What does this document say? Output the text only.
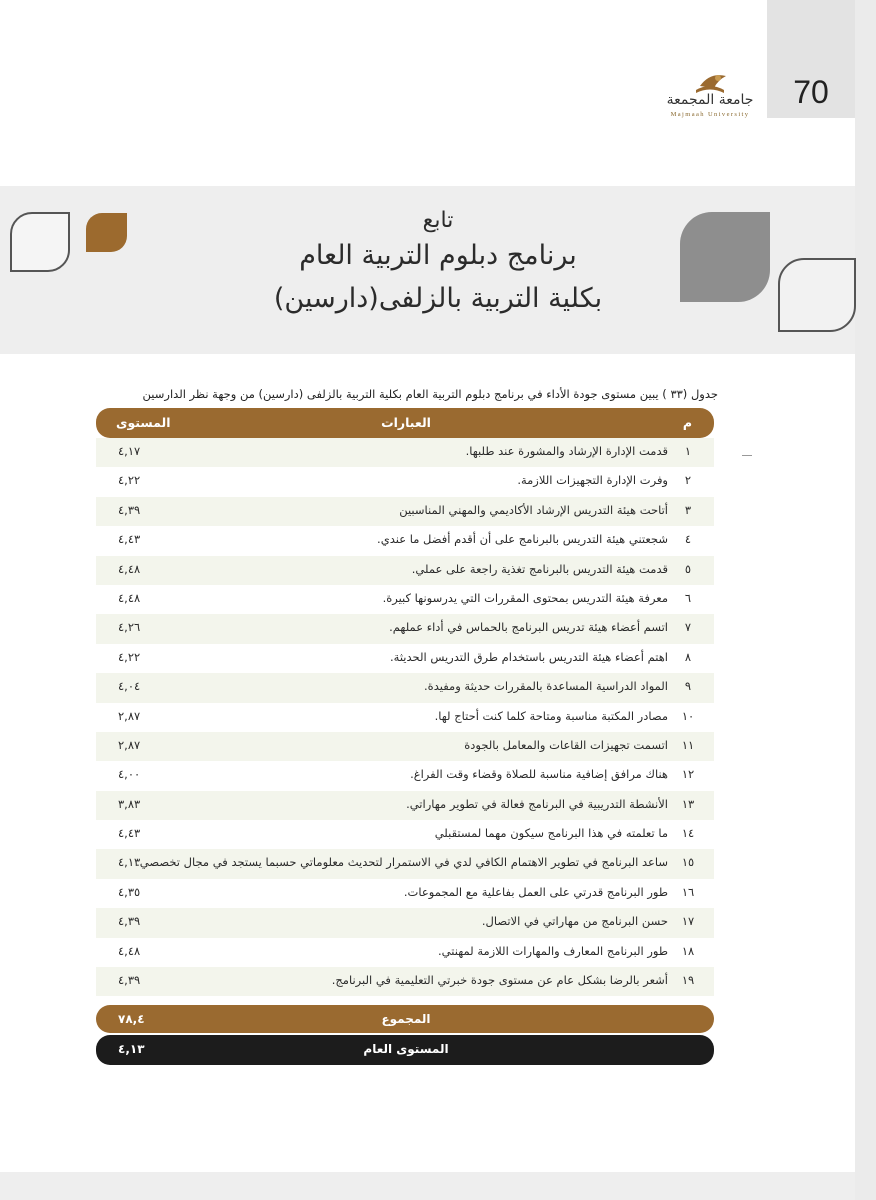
70
جامعة المجمعة
Majmaah University
تابع
برنامج دبلوم التربية العام
بكلية التربية بالزلفى(دارسين)
جدول (٣٣ ) يبين مستوى جودة الأداء في برنامج دبلوم التربية العام بكلية التربية بالزلفى (دارسين) من وجهة نظر الدارسين
م
العبارات
المستوى
١
قدمت الإدارة الإرشاد والمشورة عند طلبها.
٤,١٧
٢
وفرت الإدارة التجهيزات اللازمة.
٤,٢٢
٣
أتاحت هيئة التدريس الإرشاد الأكاديمي والمهني المناسبين
٤,٣٩
٤
شجعتني هيئة التدريس بالبرنامج على أن أقدم أفضل ما عندي.
٤,٤٣
٥
قدمت هيئة التدريس بالبرنامج تغذية راجعة على عملي.
٤,٤٨
٦
معرفة هيئة التدريس بمحتوى المقررات التي يدرسونها كبيرة.
٤,٤٨
٧
اتسم أعضاء هيئة تدريس البرنامج بالحماس في أداء عملهم.
٤,٢٦
٨
اهتم أعضاء هيئة التدريس باستخدام طرق التدريس الحديثة.
٤,٢٢
٩
المواد الدراسية المساعدة بالمقررات حديثة ومفيدة.
٤,٠٤
١٠
مصادر المكتبة مناسبة ومتاحة كلما كنت أحتاج لها.
٢,٨٧
١١
اتسمت تجهيزات القاعات والمعامل بالجودة
٢,٨٧
١٢
هناك مرافق إضافية مناسبة للصلاة وقضاء وقت الفراغ.
٤,٠٠
١٣
الأنشطة التدريبية في البرنامج فعالة في تطوير مهاراتي.
٣,٨٣
١٤
ما تعلمته في هذا البرنامج سيكون مهما لمستقبلي
٤,٤٣
١٥
ساعد البرنامج في تطوير الاهتمام الكافي لدي في الاستمرار لتحديث معلوماتي حسبما يستجد في مجال تخصصي.
٤,١٣
١٦
طور البرنامج قدرتي على العمل بفاعلية مع المجموعات.
٤,٣٥
١٧
حسن البرنامج من مهاراتي في الاتصال.
٤,٣٩
١٨
طور البرنامج المعارف والمهارات اللازمة لمهنتي.
٤,٤٨
١٩
أشعر بالرضا بشكل عام عن مستوى جودة خبرتي التعليمية في البرنامج.
٤,٣٩
المجموع
٧٨,٤
المستوى العام
٤,١٣
